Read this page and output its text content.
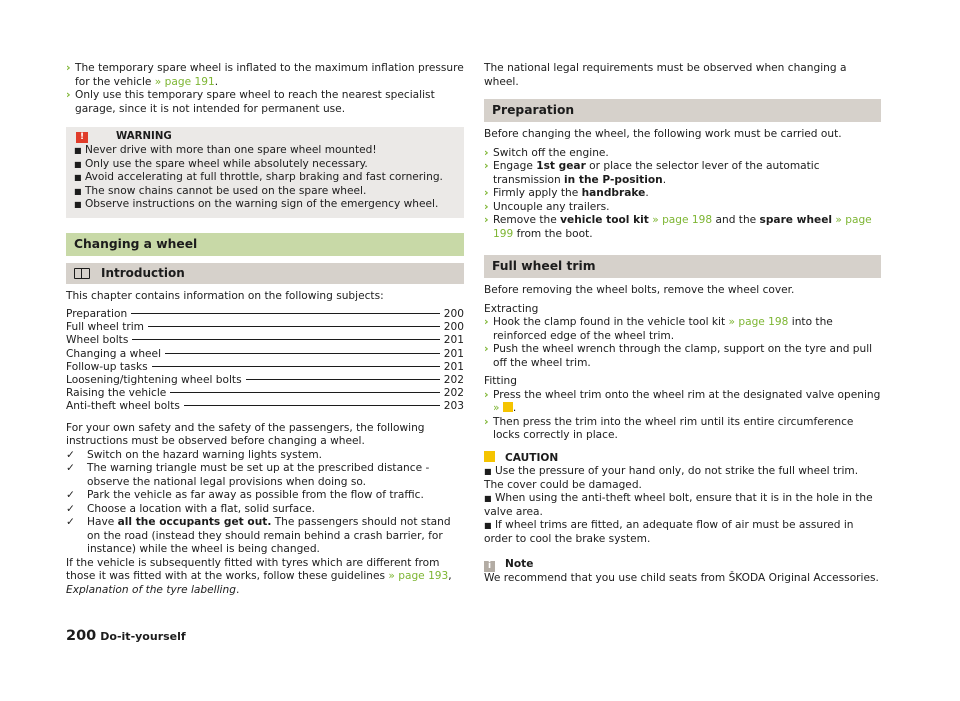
› The temporary spare wheel is inflated to the maximum inflation pressure for the vehicle » page 191.
› Only use this temporary spare wheel to reach the nearest specialist garage, since it is not intended for permanent use.
!	WARNING

■ Never drive with more than one spare wheel mounted!

■ Only use the spare wheel while absolutely necessary.

■ Avoid accelerating at full throttle, sharp braking and fast cornering.

■ The snow chains cannot be used on the spare wheel.

■ Observe instructions on the warning sign of the emergency wheel.

Changing a wheel
Introduction

This chapter contains information on the following subjects:

Preparation	200
Full wheel trim	200
Wheel bolts	201
Changing a wheel	201
Follow-up tasks	201
Loosening/tightening wheel bolts	202
Raising the vehicle	202
Anti-theft wheel bolts	203

For your own safety and the safety of the passengers, the following instructions must be observed before changing a wheel.

✓ Switch on the hazard warning lights system.
✓ The warning triangle must be set up at the prescribed distance - observe the national legal provisions when doing so.
✓ Park the vehicle as far away as possible from the flow of traffic.
✓ Choose a location with a flat, solid surface.
✓ Have all the occupants get out. The passengers should not stand on the road (instead they should remain behind a crash barrier, for instance) while the wheel is being changed.

If the vehicle is subsequently fitted with tyres which are different from those it was fitted with at the works, follow these guidelines » page 193, Explanation of the tyre labelling.

The national legal requirements must be observed when changing a wheel.

Preparation

Before changing the wheel, the following work must be carried out.

› Switch off the engine.
› Engage 1st gear or place the selector lever of the automatic transmission in the P-position.
› Firmly apply the handbrake.
› Uncouple any trailers.
› Remove the vehicle tool kit » page 198 and the spare wheel » page 199 from the boot.
Full wheel trim

Before removing the wheel bolts, remove the wheel cover.

Extracting

› Hook the clamp found in the vehicle tool kit » page 198 into the reinforced edge of the wheel trim.
› Push the wheel wrench through the clamp, support on the tyre and pull off the wheel trim.

Fitting

› Press the wheel trim onto the wheel rim at the designated valve opening » .
› Then press the trim into the wheel rim until its entire circumference locks correctly in place.

CAUTION

■ Use the pressure of your hand only, do not strike the full wheel trim. The cover could be damaged.

■ When using the anti-theft wheel bolt, ensure that it is in the hole in the valve area.

■ If wheel trims are fitted, an adequate flow of air must be assured in order to cool the brake system.

i Note

We recommend that you use child seats from ŠKODA Original Accessories.

200 Do-it-yourself
